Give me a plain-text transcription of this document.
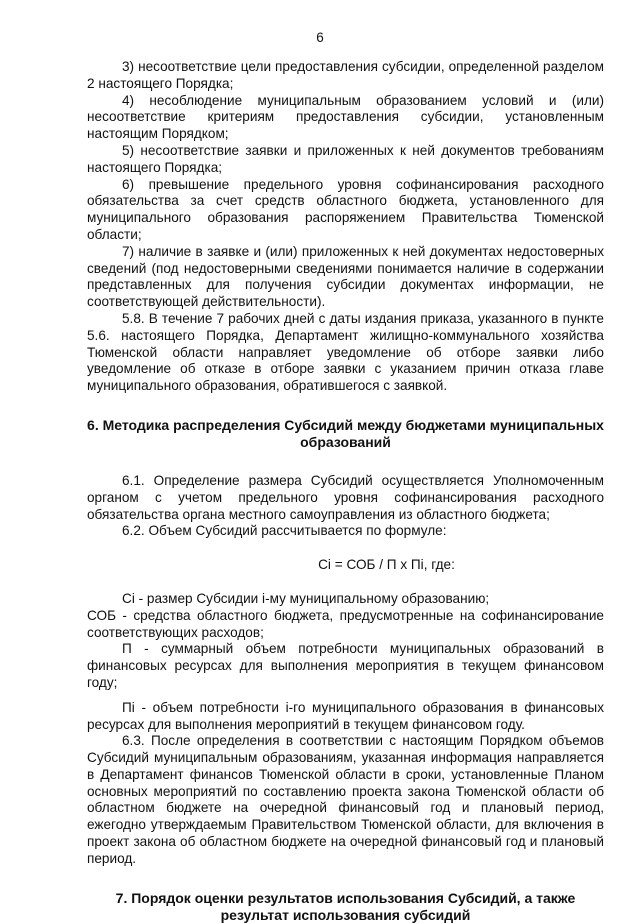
6

3) несоответствие цели предоставления субсидии, определенной разделом 2 настоящего Порядка;

4) несоблюдение муниципальным образованием условий и (или) несоответствие критериям предоставления субсидии, установленным настоящим Порядком;

5) несоответствие заявки и приложенных к ней документов требованиям настоящего Порядка;

6) превышение предельного уровня софинансирования расходного обязательства за счет средств областного бюджета, установленного для муниципального образования распоряжением Правительства Тюменской области;

7) наличие в заявке и (или) приложенных к ней документах недостоверных сведений (под недостоверными сведениями понимается наличие в содержании представленных для получения субсидии документах информации, не соответствующей действительности).

5.8. В течение 7 рабочих дней с даты издания приказа, указанного в пункте 5.6. настоящего Порядка, Департамент жилищно-коммунального хозяйства Тюменской области направляет уведомление об отборе заявки либо уведомление об отказе в отборе заявки с указанием причин отказа главе муниципального образования, обратившегося с заявкой.

6. Методика распределения Субсидий между бюджетами муниципальных образований

6.1. Определение размера Субсидий осуществляется Уполномоченным органом с учетом предельного уровня софинансирования расходного обязательства органа местного самоуправления из областного бюджета;

6.2. Объем Субсидий рассчитывается по формуле:

Ci = СОБ / П х Пi, где:

Ci - размер Субсидии i-му муниципальному образованию;

СОБ - средства областного бюджета, предусмотренные на софинансирование соответствующих расходов;

П - суммарный объем потребности муниципальных образований в финансовых ресурсах для выполнения мероприятия в текущем финансовом году;

Пi - объем потребности i-го муниципального образования в финансовых ресурсах для выполнения мероприятий в текущем финансовом году.

6.3. После определения в соответствии с настоящим Порядком объемов Субсидий муниципальным образованиям, указанная информация направляется в Департамент финансов Тюменской области в сроки, установленные Планом основных мероприятий по составлению проекта закона Тюменской области об областном бюджете на очередной финансовый год и плановый период, ежегодно утверждаемым Правительством Тюменской области, для включения в проект закона об областном бюджете на очередной финансовый год и плановый период.

7. Порядок оценки результатов использования Субсидий, а также результат использования субсидий
